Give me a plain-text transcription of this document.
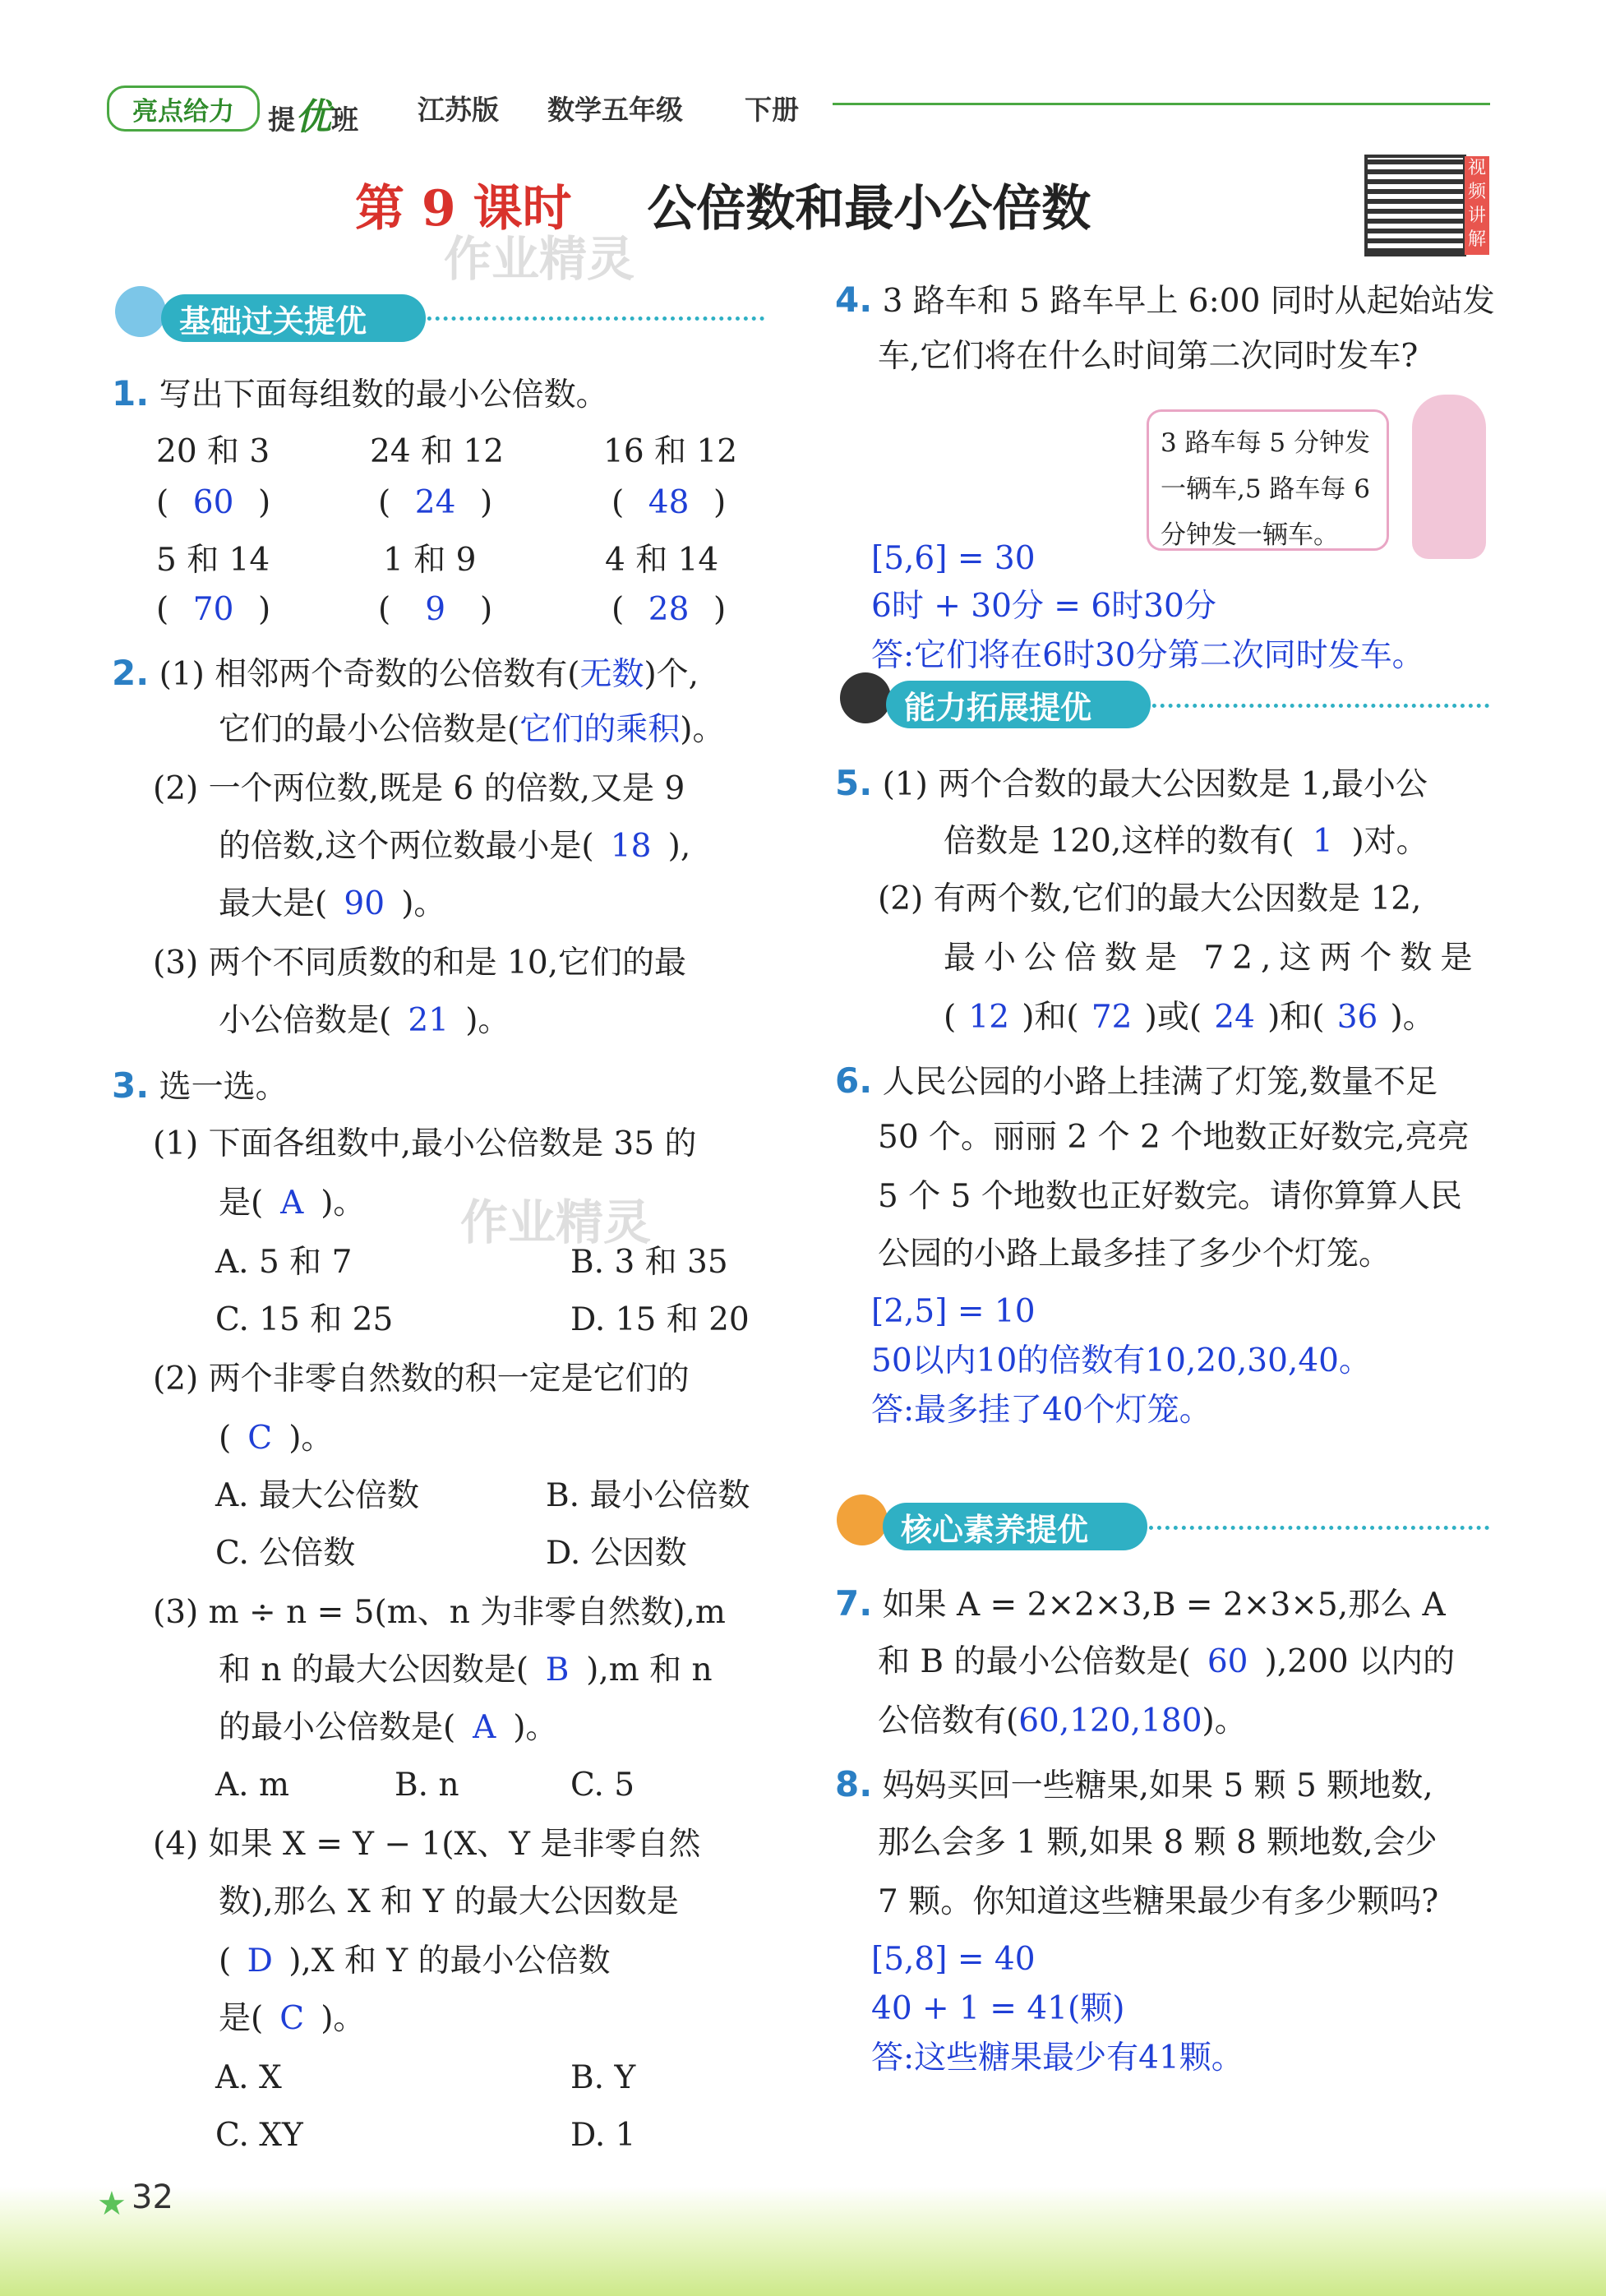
亮点给力	提优班 江苏版 数学五年级 下册
第 9 课时 公倍数和最小公倍数
视频讲解
作业精灵
基础过关提优
1. 写出下面每组数的最小公倍数。
20 和 3	24 和 12	16 和 12
( 60 )	( 24 )	( 48 )
5 和 14	1 和 9	4 和 14
( 70 )	( 9 )	( 28 )
2. (1) 相邻两个奇数的公倍数有(无数)个,
它们的最小公倍数是(它们的乘积)。
(2) 一个两位数,既是 6 的倍数,又是 9
的倍数,这个两位数最小是( 18 ),
最大是( 90 )。
(3) 两个不同质数的和是 10,它们的最
小公倍数是( 21 )。
3. 选一选。
(1) 下面各组数中,最小公倍数是 35 的
是( A )。 作业精灵
A. 5 和 7	B. 3 和 35
C. 15 和 25	D. 15 和 20
(2) 两个非零自然数的积一定是它们的
( C )。
A. 最大公倍数	B. 最小公倍数
C. 公倍数	D. 公因数
(3) m ÷ n = 5(m、n 为非零自然数),m
和 n 的最大公因数是( B ),m 和 n
的最小公倍数是( A )。
A. m	B. n	C. 5
(4) 如果 X = Y − 1(X、Y 是非零自然
数),那么 X 和 Y 的最大公因数是
( D ),X 和 Y 的最小公倍数
是( C )。
A. X	B. Y
C. XY	D. 1
4. 3 路车和 5 路车早上 6:00 同时从起始站发
车,它们将在什么时间第二次同时发车?
3 路车每 5 分钟发一辆车,5 路车每 6 分钟发一辆车。
[5,6] = 30
6时 + 30分 = 6时30分
答:它们将在6时30分第二次同时发车。
能力拓展提优
5. (1) 两个合数的最大公因数是 1,最小公
倍数是 120,这样的数有( 1 )对。
(2) 有两个数,它们的最大公因数是 12,
最小公倍数是 72,这两个数是
( 12 )和( 72 )或( 24 )和( 36 )。
6. 人民公园的小路上挂满了灯笼,数量不足
50 个。丽丽 2 个 2 个地数正好数完,亮亮
5 个 5 个地数也正好数完。请你算算人民
公园的小路上最多挂了多少个灯笼。
[2,5] = 10
50以内10的倍数有10,20,30,40。
答:最多挂了40个灯笼。
核心素养提优
7. 如果 A = 2×2×3,B = 2×3×5,那么 A
和 B 的最小公倍数是( 60 ),200 以内的
公倍数有(60,120,180)。
8. 妈妈买回一些糖果,如果 5 颗 5 颗地数,
那么会多 1 颗,如果 8 颗 8 颗地数,会少
7 颗。你知道这些糖果最少有多少颗吗?
[5,8] = 40
40 + 1 = 41(颗)
答:这些糖果最少有41颗。
★ 32
